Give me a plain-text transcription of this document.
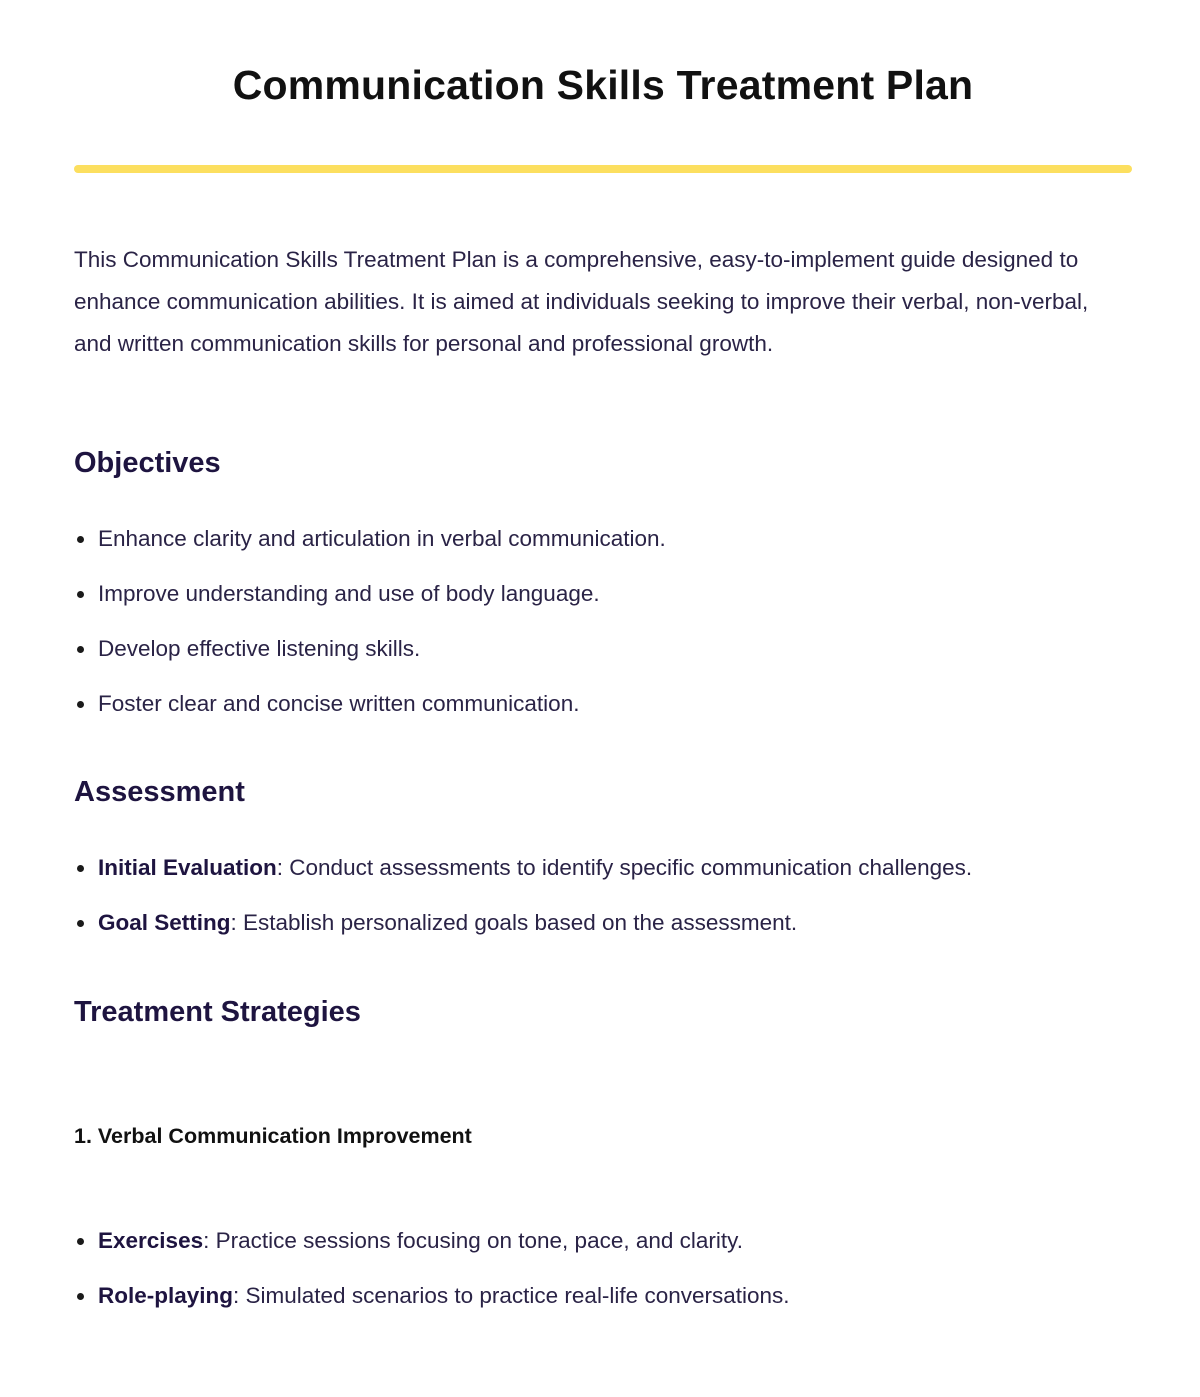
Communication Skills Treatment Plan

This Communication Skills Treatment Plan is a comprehensive, easy-to-implement guide designed to enhance communication abilities. It is aimed at individuals seeking to improve their verbal, non-verbal, and written communication skills for personal and professional growth.

Objectives
Enhance clarity and articulation in verbal communication.
Improve understanding and use of body language.
Develop effective listening skills.
Foster clear and concise written communication.
Assessment
Initial Evaluation: Conduct assessments to identify specific communication challenges.
Goal Setting: Establish personalized goals based on the assessment.
Treatment Strategies
1. Verbal Communication Improvement
Exercises: Practice sessions focusing on tone, pace, and clarity.
Role-playing: Simulated scenarios to practice real-life conversations.
